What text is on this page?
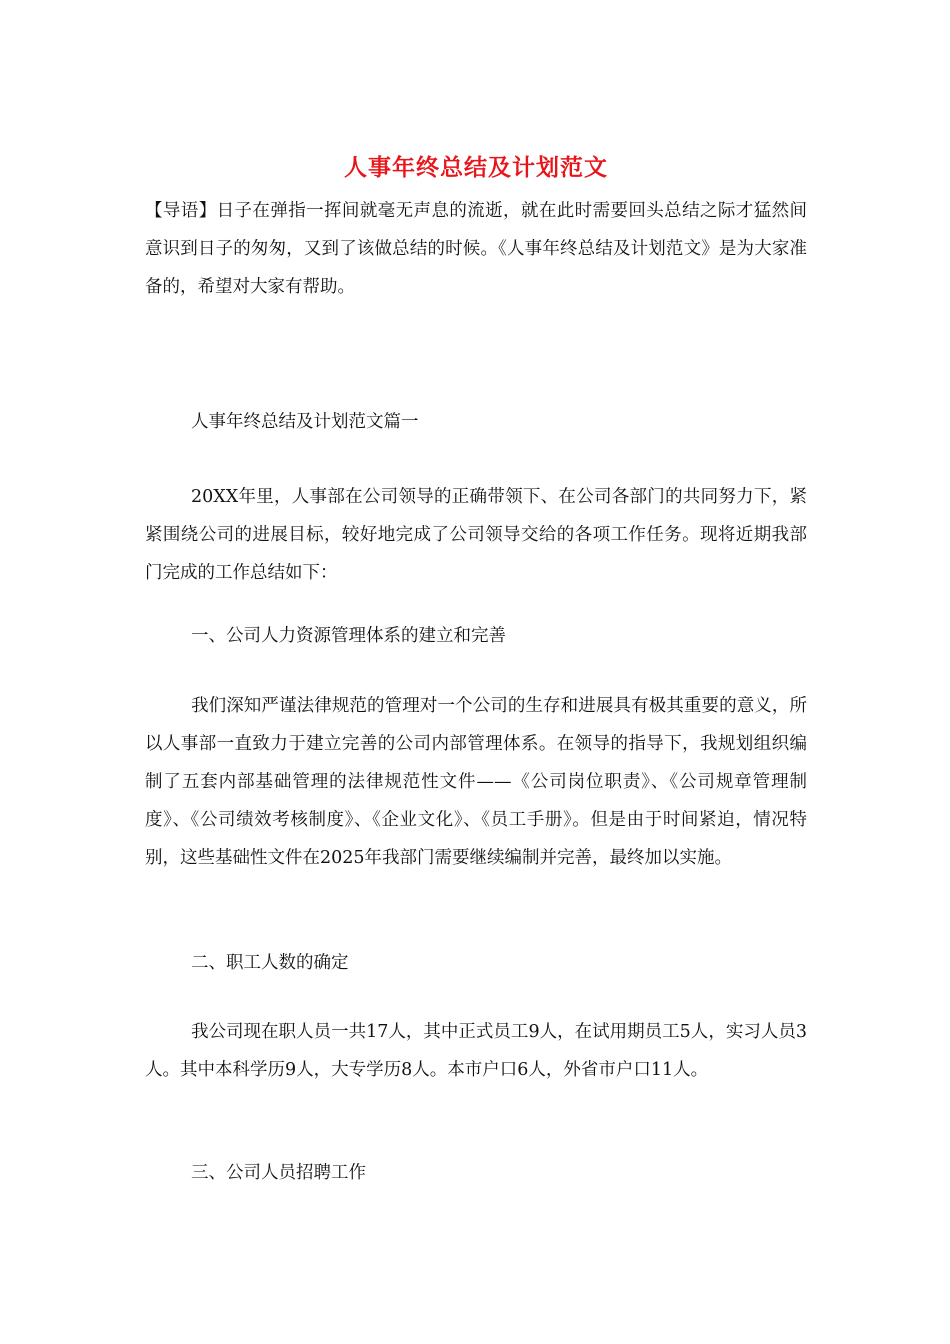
人事年终总结及计划范文

【导语】日子在弹指一挥间就毫无声息的流逝，就在此时需要回头总结之际才猛然间意识到日子的匆匆，又到了该做总结的时候。《人事年终总结及计划范文》是为大家准备的，希望对大家有帮助。

人事年终总结及计划范文篇一

20XX年里，人事部在公司领导的正确带领下、在公司各部门的共同努力下，紧紧围绕公司的进展目标，较好地完成了公司领导交给的各项工作任务。现将近期我部门完成的工作总结如下：

一、公司人力资源管理体系的建立和完善

我们深知严谨法律规范的管理对一个公司的生存和进展具有极其重要的意义，所以人事部一直致力于建立完善的公司内部管理体系。在领导的指导下，我规划组织编制了五套内部基础管理的法律规范性文件——《公司岗位职责》、《公司规章管理制度》、《公司绩效考核制度》、《企业文化》、《员工手册》。但是由于时间紧迫，情况特别，这些基础性文件在2025年我部门需要继续编制并完善，最终加以实施。

二、职工人数的确定

我公司现在职人员一共17人，其中正式员工9人，在试用期员工5人，实习人员3人。其中本科学历9人，大专学历8人。本市户口6人，外省市户口11人。

三、公司人员招聘工作
